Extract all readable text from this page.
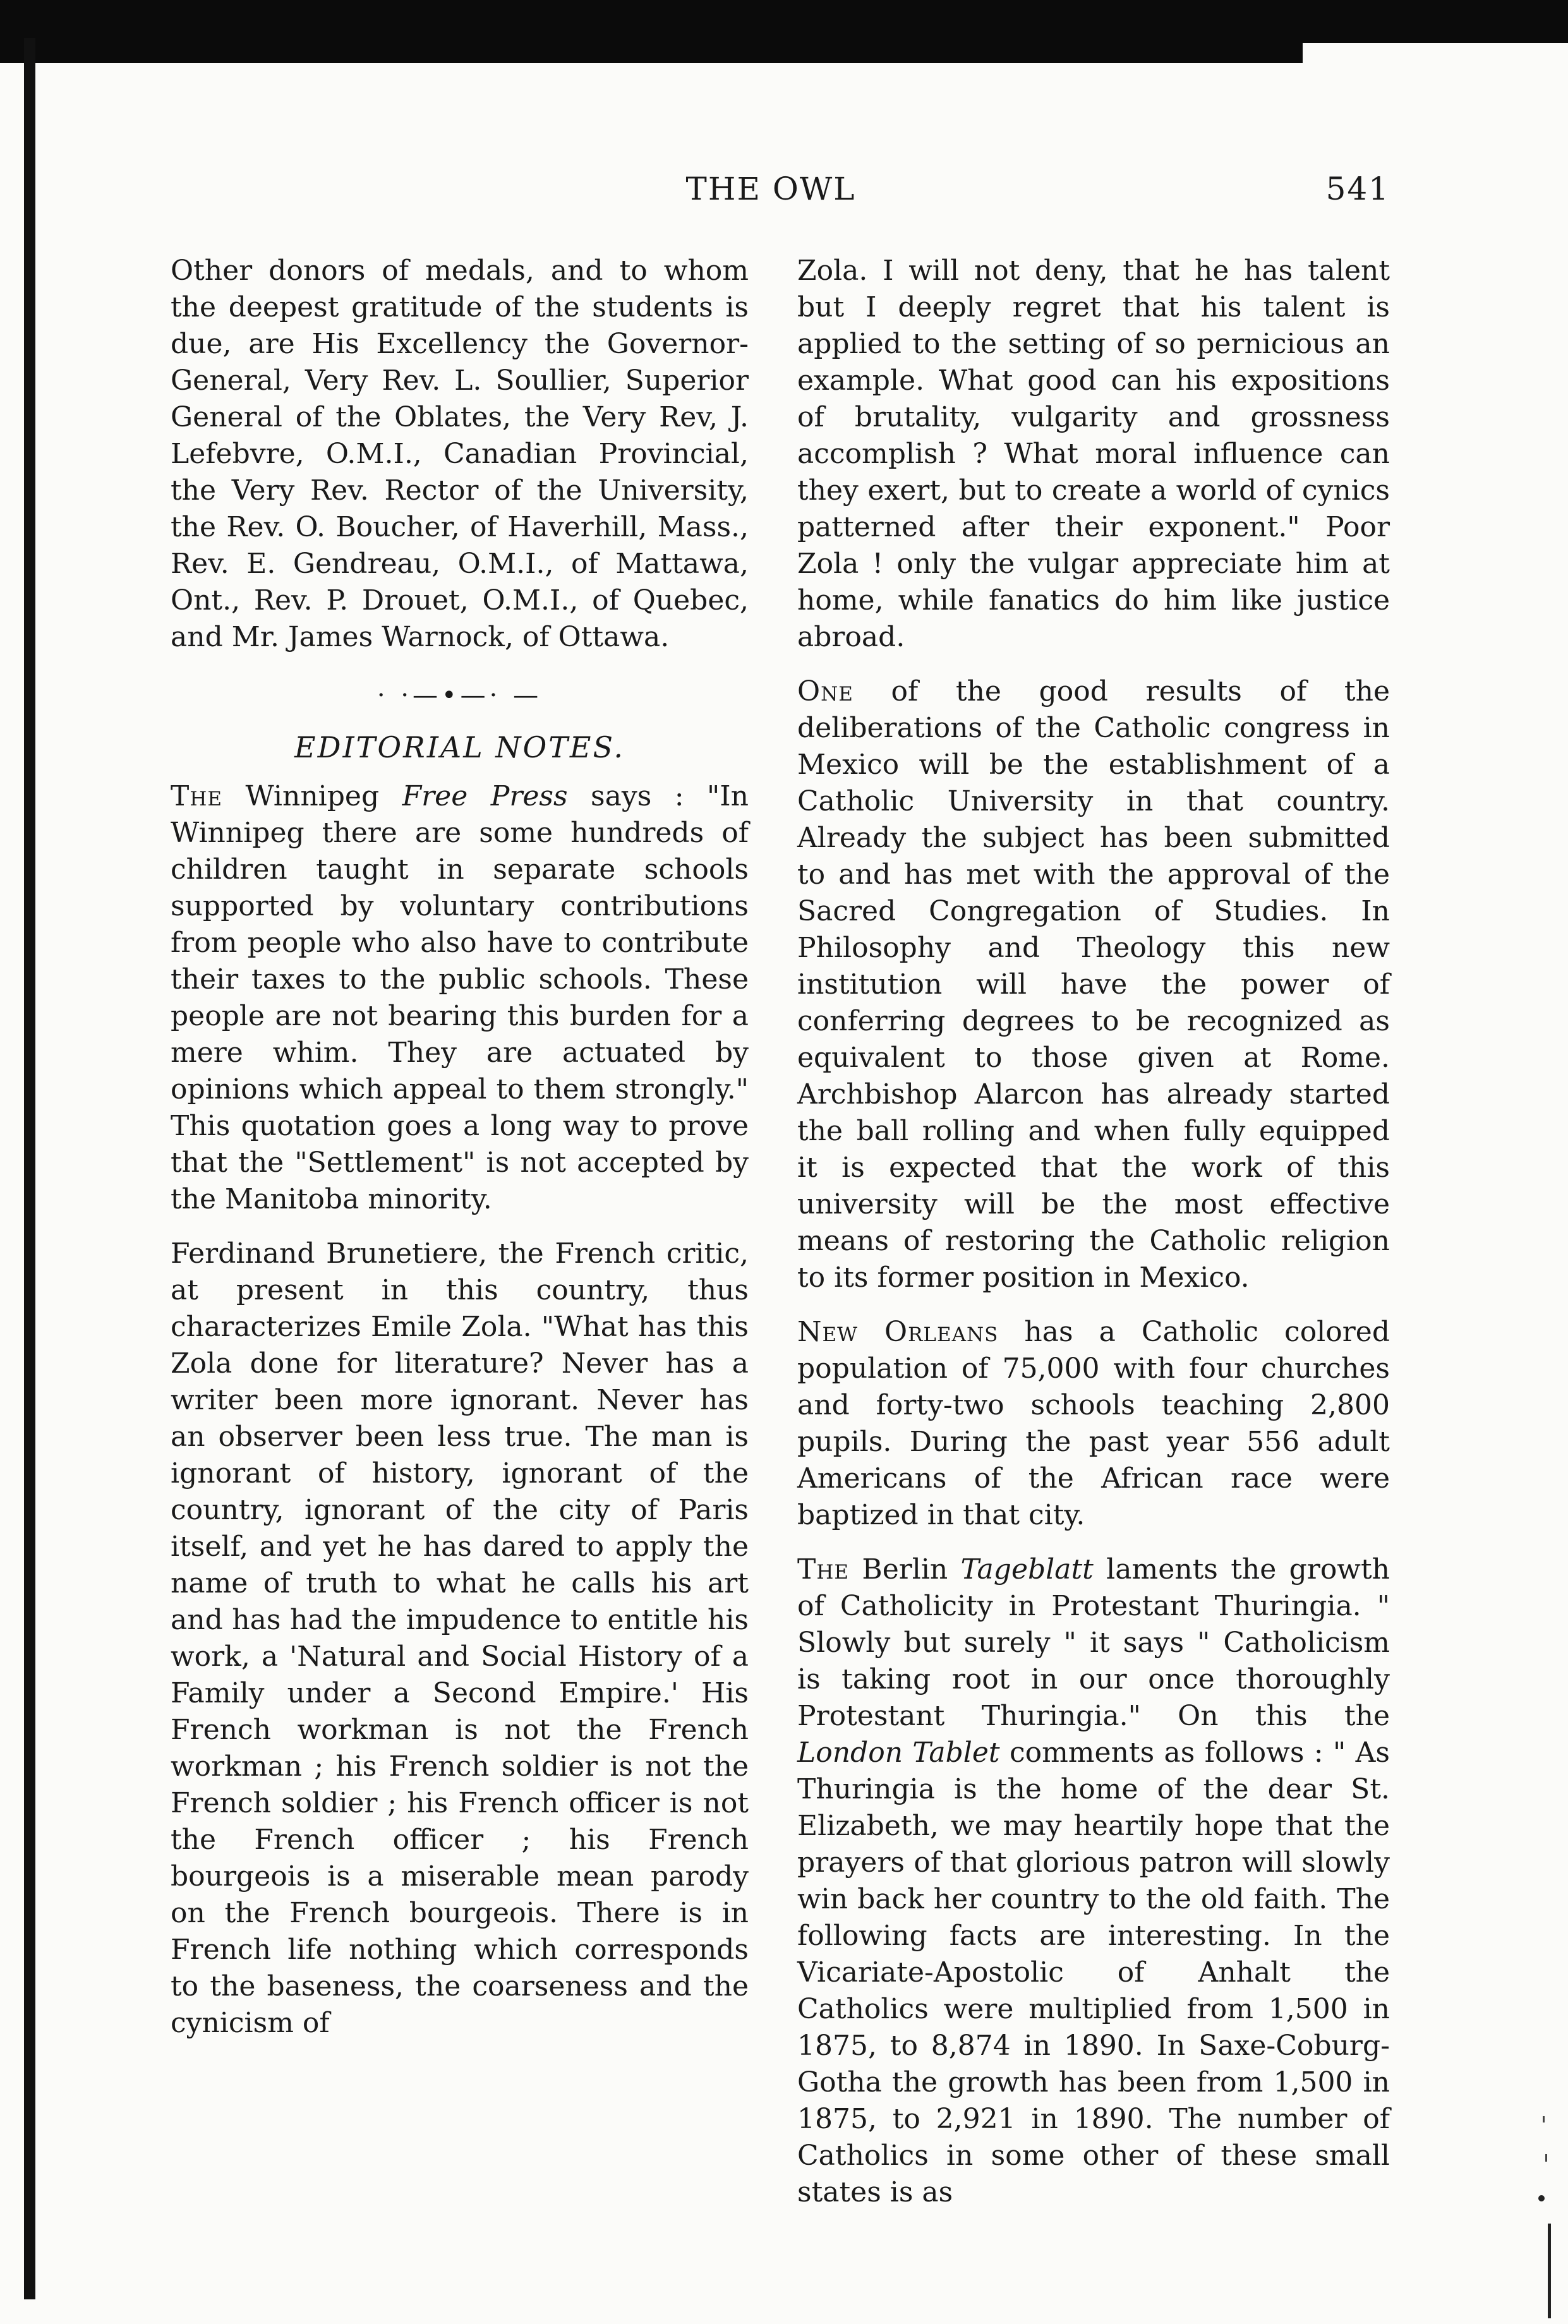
THE OWL	541

Other donors of medals, and to whom the deepest gratitude of the students is due, are His Excellency the Governor-General, Very Rev. L. Soullier, Superior General of the Oblates, the Very Rev, J. Lefebvre, O.M.I., Canadian Provincial, the Very Rev. Rector of the University, the Rev. O. Boucher, of Haverhill, Mass., Rev. E. Gendreau, O.M.I., of Mattawa, Ont., Rev. P. Drouet, O.M.I., of Quebec, and Mr. James Warnock, of Ottawa.

· ·—•—· —
EDITORIAL NOTES.

The Winnipeg Free Press says : "In Winnipeg there are some hundreds of children taught in separate schools supported by voluntary contributions from people who also have to contribute their taxes to the public schools. These people are not bearing this burden for a mere whim. They are actuated by opinions which appeal to them strongly." This quotation goes a long way to prove that the "Settlement" is not accepted by the Manitoba minority.

Ferdinand Brunetiere, the French critic, at present in this country, thus characterizes Emile Zola. "What has this Zola done for literature? Never has a writer been more ignorant. Never has an observer been less true. The man is ignorant of history, ignorant of the country, ignorant of the city of Paris itself, and yet he has dared to apply the name of truth to what he calls his art and has had the impudence to entitle his work, a 'Natural and Social History of a Family under a Second Empire.' His French workman is not the French workman ; his French soldier is not the French soldier ; his French officer is not the French officer ; his French bourgeois is a miserable mean parody on the French bourgeois. There is in French life nothing which corresponds to the baseness, the coarseness and the cynicism of

Zola. I will not deny, that he has talent but I deeply regret that his talent is applied to the setting of so pernicious an example. What good can his expositions of brutality, vulgarity and grossness accomplish ? What moral influence can they exert, but to create a world of cynics patterned after their exponent." Poor Zola ! only the vulgar appreciate him at home, while fanatics do him like justice abroad.

One of the good results of the deliberations of the Catholic congress in Mexico will be the establishment of a Catholic University in that country. Already the subject has been submitted to and has met with the approval of the Sacred Congregation of Studies. In Philosophy and Theology this new institution will have the power of conferring degrees to be recognized as equivalent to those given at Rome. Archbishop Alarcon has already started the ball rolling and when fully equipped it is expected that the work of this university will be the most effective means of restoring the Catholic religion to its former position in Mexico.

New Orleans has a Catholic colored population of 75,000 with four churches and forty-two schools teaching 2,800 pupils. During the past year 556 adult Americans of the African race were baptized in that city.

The Berlin Tageblatt laments the growth of Catholicity in Protestant Thuringia. " Slowly but surely " it says " Catholicism is taking root in our once thoroughly Protestant Thuringia." On this the London Tablet comments as follows : " As Thuringia is the home of the dear St. Elizabeth, we may heartily hope that the prayers of that glorious patron will slowly win back her country to the old faith. The following facts are interesting. In the Vicariate-Apostolic of Anhalt the Catholics were multiplied from 1,500 in 1875, to 8,874 in 1890. In Saxe-Coburg-Gotha the growth has been from 1,500 in 1875, to 2,921 in 1890. The number of Catholics in some other of these small states is as
